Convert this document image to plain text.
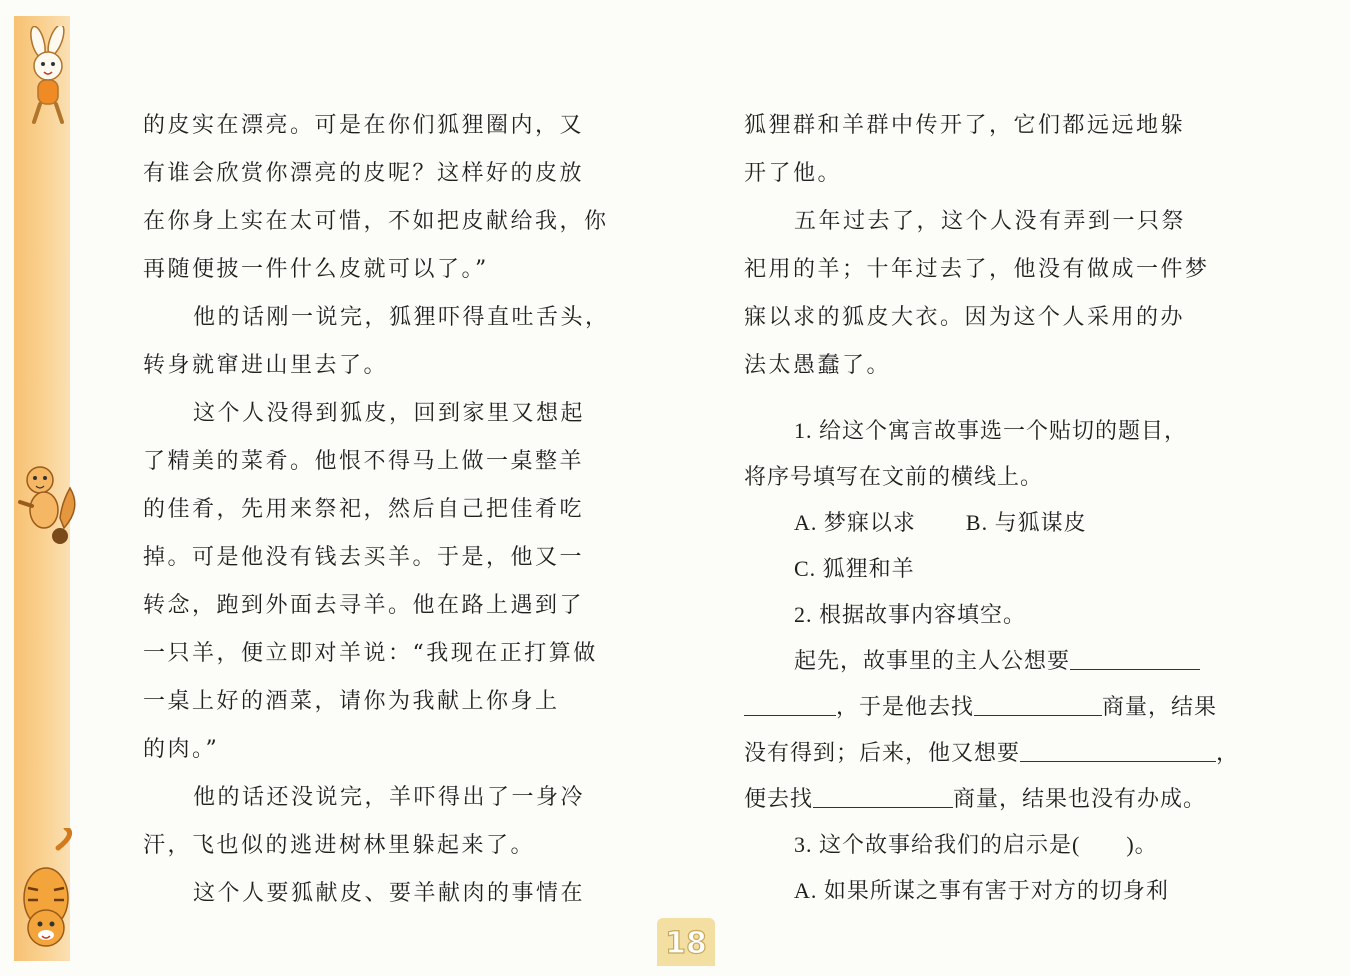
的皮实在漂亮。可是在你们狐狸圈内，又
有谁会欣赏你漂亮的皮呢？这样好的皮放
在你身上实在太可惜，不如把皮献给我，你
再随便披一件什么皮就可以了。”
他的话刚一说完，狐狸吓得直吐舌头，
转身就窜进山里去了。
这个人没得到狐皮，回到家里又想起
了精美的菜肴。他恨不得马上做一桌整羊
的佳肴，先用来祭祀，然后自己把佳肴吃
掉。可是他没有钱去买羊。于是，他又一
转念，跑到外面去寻羊。他在路上遇到了
一只羊，便立即对羊说：“我现在正打算做
一桌上好的酒菜，请你为我献上你身上
的肉。”
他的话还没说完，羊吓得出了一身冷
汗，飞也似的逃进树林里躲起来了。
这个人要狐献皮、要羊献肉的事情在
狐狸群和羊群中传开了，它们都远远地躲
开了他。
五年过去了，这个人没有弄到一只祭
祀用的羊；十年过去了，他没有做成一件梦
寐以求的狐皮大衣。因为这个人采用的办
法太愚蠢了。
1. 给这个寓言故事选一个贴切的题目，
将序号填写在文前的横线上。
A. 梦寐以求 B. 与狐谋皮
C. 狐狸和羊
2. 根据故事内容填空。
起先，故事里的主人公想要
，于是他去找	商量，结果
没有得到；后来，他又想要	，
便去找	商量，结果也没有办成。
3. 这个故事给我们的启示是(　　)。
A. 如果所谋之事有害于对方的切身利
18
